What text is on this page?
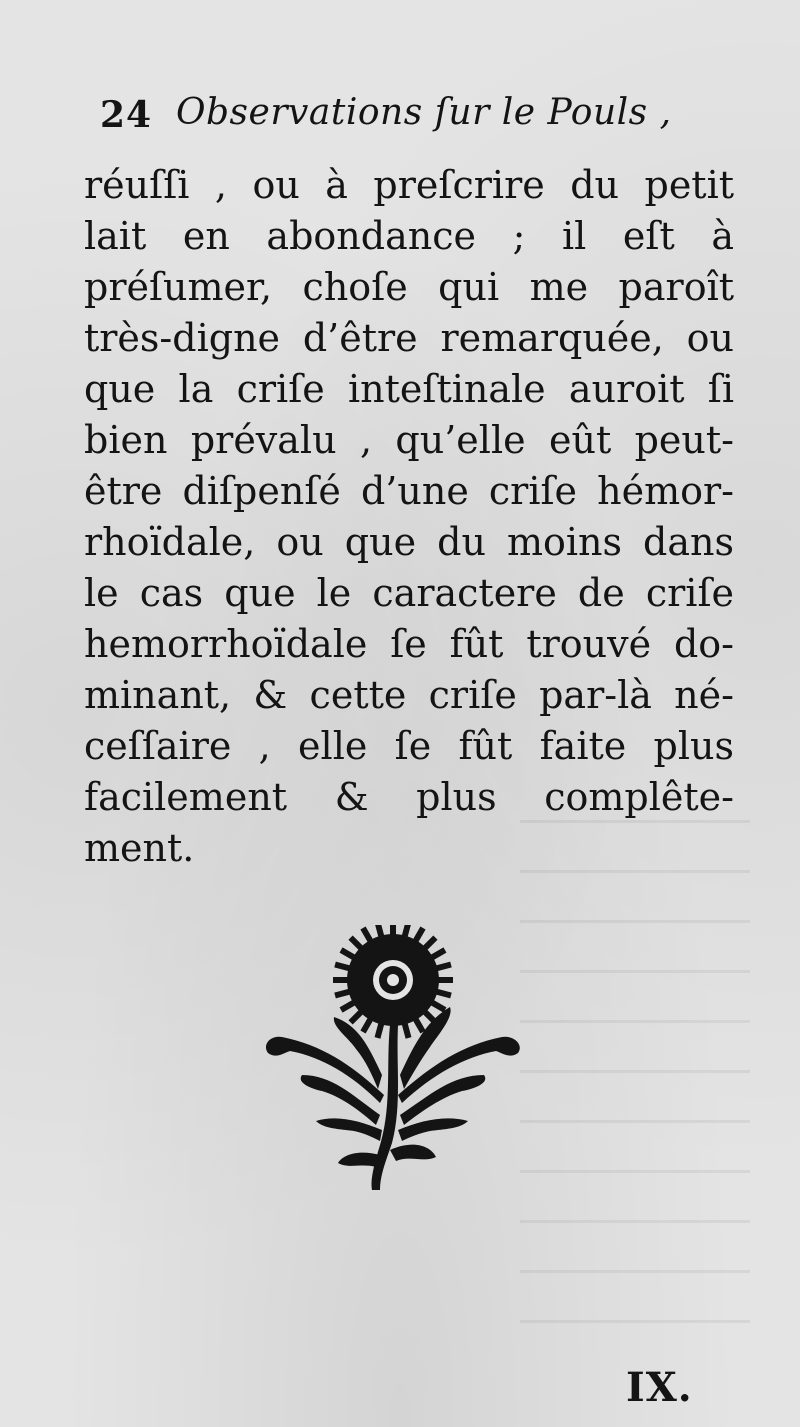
24 Observations ſur le Pouls ,
réuſſi , ou à preſcrire du petit
lait en abondance ; il eſt à
préſumer, choſe qui me paroît
très-digne d’être remarquée, ou
que la criſe inteſtinale auroit ſi
bien prévalu , qu’elle eût peut-
être diſpenſé d’une criſe hémor-
rhoïdale, ou que du moins dans
le cas que le caractere de criſe
hemorrhoïdale ſe fût trouvé do-
minant, & cette criſe par-là né-
ceſſaire , elle ſe fût faite plus
facilement & plus complête-
ment.
IX.
